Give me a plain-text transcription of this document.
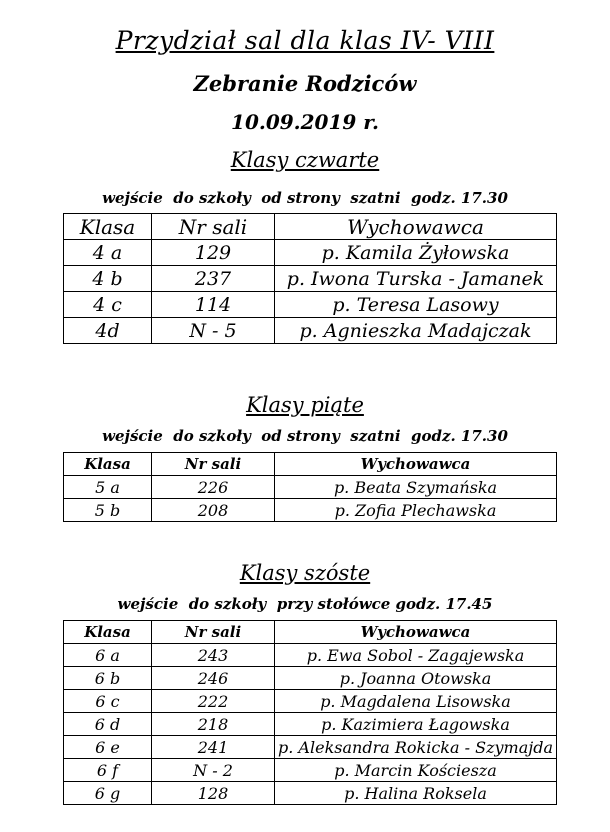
Przydział sal dla klas IV- VIII
Zebranie Rodziców
10.09.2019 r.
Klasy czwarte
wejście  do szkoły  od strony  szatni  godz. 17.30
Klasa	Nr sali	Wychowawca
4 a	129	p. Kamila Żyłowska
4 b	237	p. Iwona Turska - Jamanek
4 c	114	p. Teresa Lasowy
4d	N - 5	p. Agnieszka Madajczak
Klasy piąte
wejście  do szkoły  od strony  szatni  godz. 17.30
Klasa	Nr sali	Wychowawca
5 a	226	p. Beata Szymańska
5 b	208	p. Zofia Plechawska
Klasy szóste
wejście  do szkoły  przy stołówce godz. 17.45
Klasa	Nr sali	Wychowawca
6 a	243	p. Ewa Sobol - Zagajewska
6 b	246	p. Joanna Otowska
6 c	222	p. Magdalena Lisowska
6 d	218	p. Kazimiera Łagowska
6 e	241	p. Aleksandra Rokicka - Szymajda
6 f	N - 2	p. Marcin Kościesza
6 g	128	p. Halina Roksela
